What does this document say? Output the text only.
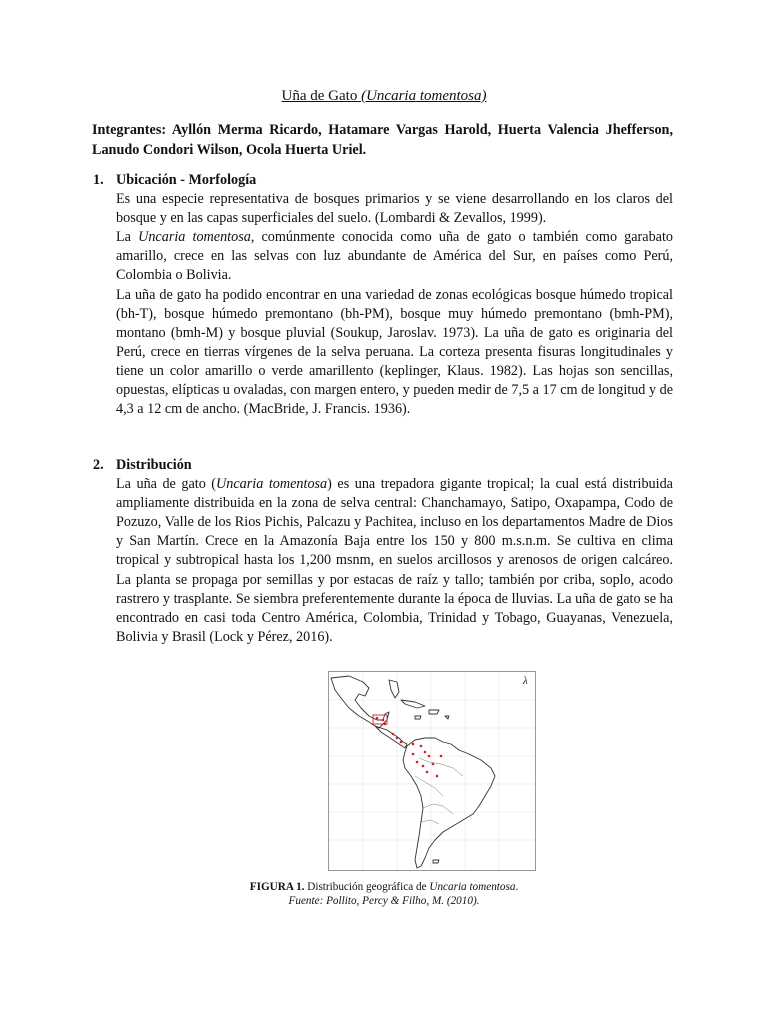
Uña de Gato (Uncaria tomentosa)
Integrantes: Ayllón Merma Ricardo, Hatamare Vargas Harold, Huerta Valencia Jhefferson, Lanudo Condori Wilson, Ocola Huerta Uriel.
1. Ubicación - Morfología

Es una especie representativa de bosques primarios y se viene desarrollando en los claros del bosque y en las capas superficiales del suelo. (Lombardi & Zevallos, 1999).

La Uncaria tomentosa, comúnmente conocida como uña de gato o también como garabato amarillo, crece en las selvas con luz abundante de América del Sur, en países como Perú, Colombia o Bolivia.

La uña de gato ha podido encontrar en una variedad de zonas ecológicas bosque húmedo tropical (bh-T), bosque húmedo premontano (bh-PM), bosque muy húmedo premontano (bmh-PM), montano (bmh-M) y bosque pluvial (Soukup, Jaroslav. 1973). La uña de gato es originaria del Perú, crece en tierras vírgenes de la selva peruana. La corteza presenta fisuras longitudinales y tiene un color amarillo o verde amarillento (keplinger, Klaus. 1982). Las hojas son sencillas, opuestas, elípticas u ovaladas, con margen entero, y pueden medir de 7,5 a 17 cm de longitud y de 4,3 a 12 cm de ancho. (MacBride, J. Francis. 1936).

2. Distribución

La uña de gato (Uncaria tomentosa) es una trepadora gigante tropical; la cual está distribuida ampliamente distribuida en la zona de selva central: Chanchamayo, Satipo, Oxapampa, Codo de Pozuzo, Valle de los Rios Pichis, Palcazu y Pachitea, incluso en los departamentos Madre de Dios y San Martín. Crece en la Amazonía Baja entre los 150 y 800 m.s.n.m. Se cultiva en clima tropical y subtropical hasta los 1,200 msnm, en suelos arcillosos y arenosos de origen calcáreo. La planta se propaga por semillas y por estacas de raíz y tallo; también por criba, soplo, acodo rastrero y trasplante. Se siembra preferentemente durante la época de lluvias. La uña de gato se ha encontrado en casi toda Centro América, Colombia, Trinidad y Tobago, Guayanas, Venezuela, Bolivia y Brasil (Lock y Pérez, 2016).

λ
FIGURA 1. Distribución geográfica de Uncaria tomentosa.
Fuente: Pollito, Percy & Filho, M. (2010).
